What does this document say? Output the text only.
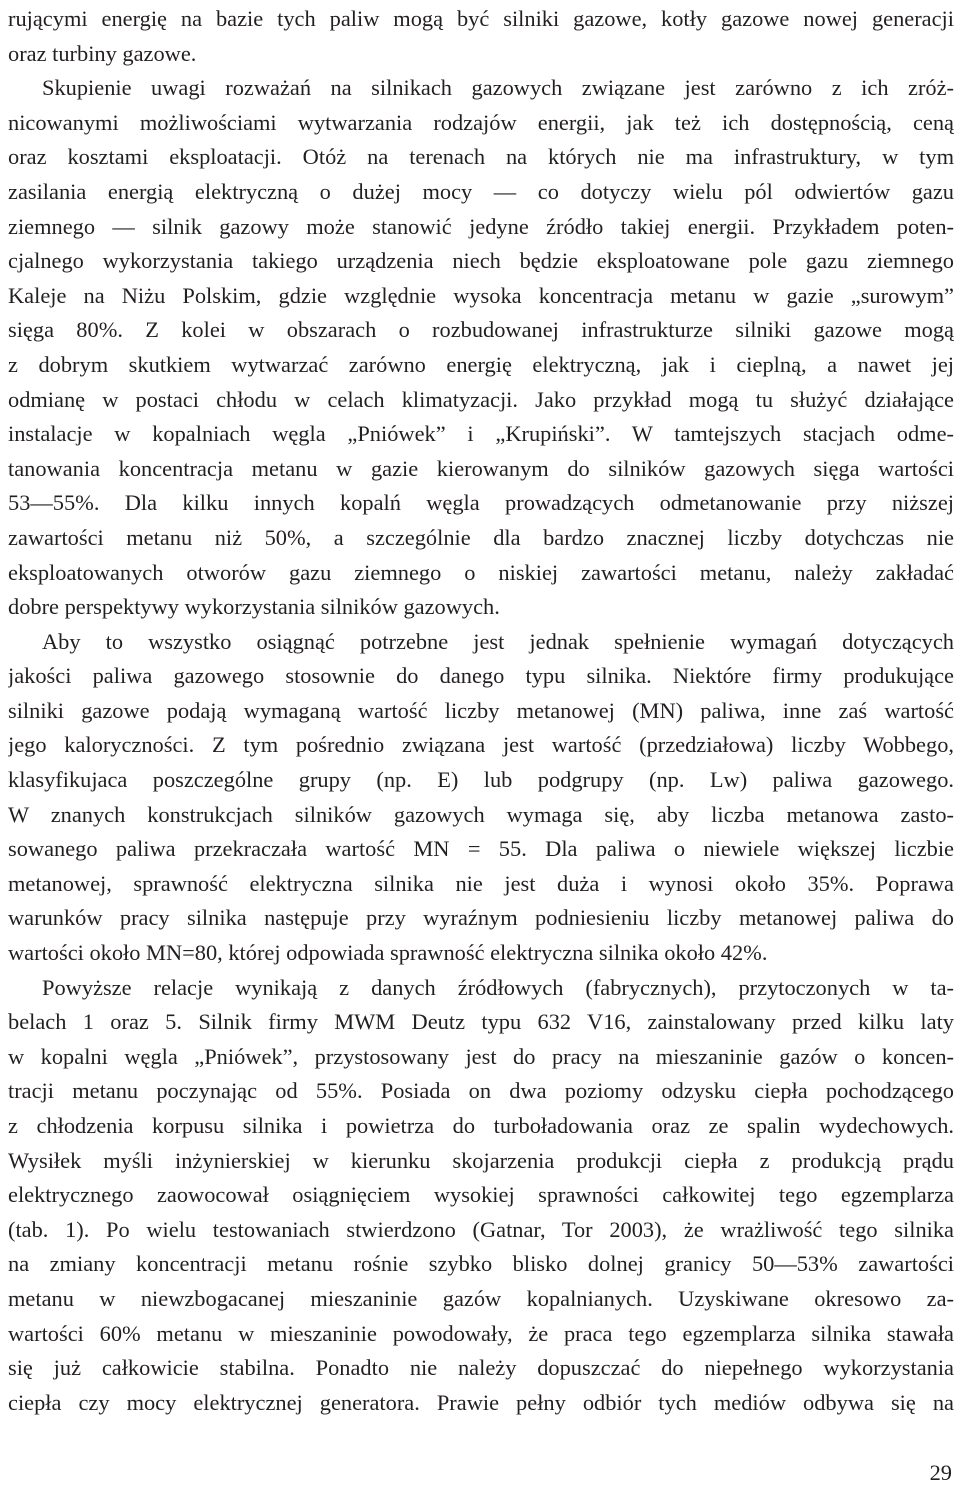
rującymi energię na bazie tych paliw mogą być silniki gazowe, kotły gazowe nowej generacji
oraz turbiny gazowe.
Skupienie uwagi rozważań na silnikach gazowych związane jest zarówno z ich zróż-
nicowanymi możliwościami wytwarzania rodzajów energii, jak też ich dostępnością, ceną
oraz kosztami eksploatacji. Otóż na terenach na których nie ma infrastruktury, w tym
zasilania energią elektryczną o dużej mocy — co dotyczy wielu pól odwiertów gazu
ziemnego — silnik gazowy może stanowić jedyne źródło takiej energii. Przykładem poten-
cjalnego wykorzystania takiego urządzenia niech będzie eksploatowane pole gazu ziemnego
Kaleje na Niżu Polskim, gdzie względnie wysoka koncentracja metanu w gazie „surowym”
sięga 80%. Z kolei w obszarach o rozbudowanej infrastrukturze silniki gazowe mogą
z dobrym skutkiem wytwarzać zarówno energię elektryczną, jak i cieplną, a nawet jej
odmianę w postaci chłodu w celach klimatyzacji. Jako przykład mogą tu służyć działające
instalacje w kopalniach węgla „Pniówek” i „Krupiński”. W tamtejszych stacjach odme-
tanowania koncentracja metanu w gazie kierowanym do silników gazowych sięga wartości
53—55%. Dla kilku innych kopalń węgla prowadzących odmetanowanie przy niższej
zawartości metanu niż 50%, a szczególnie dla bardzo znacznej liczby dotychczas nie
eksploatowanych otworów gazu ziemnego o niskiej zawartości metanu, należy zakładać
dobre perspektywy wykorzystania silników gazowych.
Aby to wszystko osiągnąć potrzebne jest jednak spełnienie wymagań dotyczących
jakości paliwa gazowego stosownie do danego typu silnika. Niektóre firmy produkujące
silniki gazowe podają wymaganą wartość liczby metanowej (MN) paliwa, inne zaś wartość
jego kaloryczności. Z tym pośrednio związana jest wartość (przedziałowa) liczby Wobbego,
klasyfikujaca poszczególne grupy (np. E) lub podgrupy (np. Lw) paliwa gazowego.
W znanych konstrukcjach silników gazowych wymaga się, aby liczba metanowa zasto-
sowanego paliwa przekraczała wartość MN = 55. Dla paliwa o niewiele większej liczbie
metanowej, sprawność elektryczna silnika nie jest duża i wynosi około 35%. Poprawa
warunków pracy silnika następuje przy wyraźnym podniesieniu liczby metanowej paliwa do
wartości około MN=80, której odpowiada sprawność elektryczna silnika około 42%.
Powyższe relacje wynikają z danych źródłowych (fabrycznych), przytoczonych w ta-
belach 1 oraz 5. Silnik firmy MWM Deutz typu 632 V16, zainstalowany przed kilku laty
w kopalni węgla „Pniówek”, przystosowany jest do pracy na mieszaninie gazów o koncen-
tracji metanu poczynając od 55%. Posiada on dwa poziomy odzysku ciepła pochodzącego
z chłodzenia korpusu silnika i powietrza do turboładowania oraz ze spalin wydechowych.
Wysiłek myśli inżynierskiej w kierunku skojarzenia produkcji ciepła z produkcją prądu
elektrycznego zaowocował osiągnięciem wysokiej sprawności całkowitej tego egzemplarza
(tab. 1). Po wielu testowaniach stwierdzono (Gatnar, Tor 2003), że wrażliwość tego silnika
na zmiany koncentracji metanu rośnie szybko blisko dolnej granicy 50—53% zawartości
metanu w niewzbogacanej mieszaninie gazów kopalnianych. Uzyskiwane okresowo za-
wartości 60% metanu w mieszaninie powodowały, że praca tego egzemplarza silnika stawała
się już całkowicie stabilna. Ponadto nie należy dopuszczać do niepełnego wykorzystania
ciepła czy mocy elektrycznej generatora. Prawie pełny odbiór tych mediów odbywa się na
29
